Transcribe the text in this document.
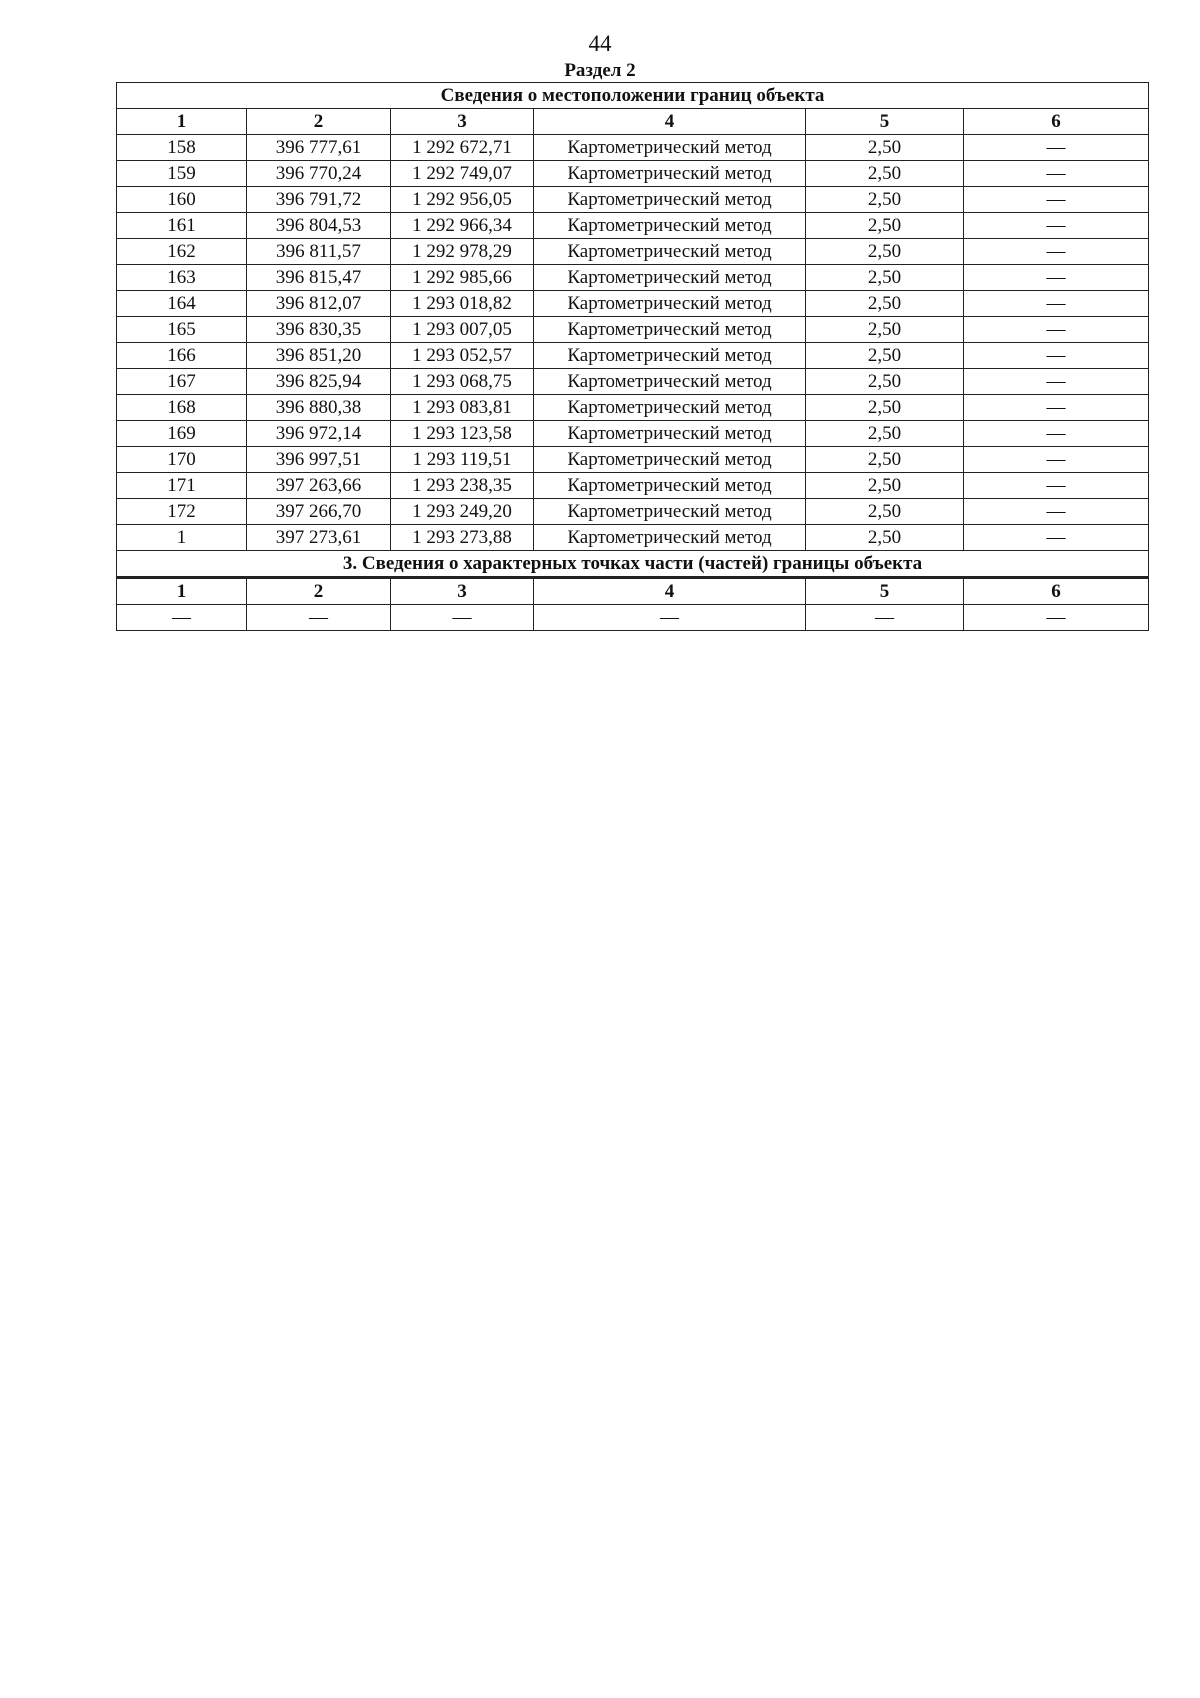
44
Раздел 2
Сведения о местоположении границ объекта					
1	2	3	4	5	6
158	396 777,61	1 292 672,71	Картометрический метод	2,50	—
159	396 770,24	1 292 749,07	Картометрический метод	2,50	—
160	396 791,72	1 292 956,05	Картометрический метод	2,50	—
161	396 804,53	1 292 966,34	Картометрический метод	2,50	—
162	396 811,57	1 292 978,29	Картометрический метод	2,50	—
163	396 815,47	1 292 985,66	Картометрический метод	2,50	—
164	396 812,07	1 293 018,82	Картометрический метод	2,50	—
165	396 830,35	1 293 007,05	Картометрический метод	2,50	—
166	396 851,20	1 293 052,57	Картометрический метод	2,50	—
167	396 825,94	1 293 068,75	Картометрический метод	2,50	—
168	396 880,38	1 293 083,81	Картометрический метод	2,50	—
169	396 972,14	1 293 123,58	Картометрический метод	2,50	—
170	396 997,51	1 293 119,51	Картометрический метод	2,50	—
171	397 263,66	1 293 238,35	Картометрический метод	2,50	—
172	397 266,70	1 293 249,20	Картометрический метод	2,50	—
1	397 273,61	1 293 273,88	Картометрический метод	2,50	—
3. Сведения о характерных точках части (частей) границы объекта					
1	2	3	4	5	6
—	—	—	—	—	—
